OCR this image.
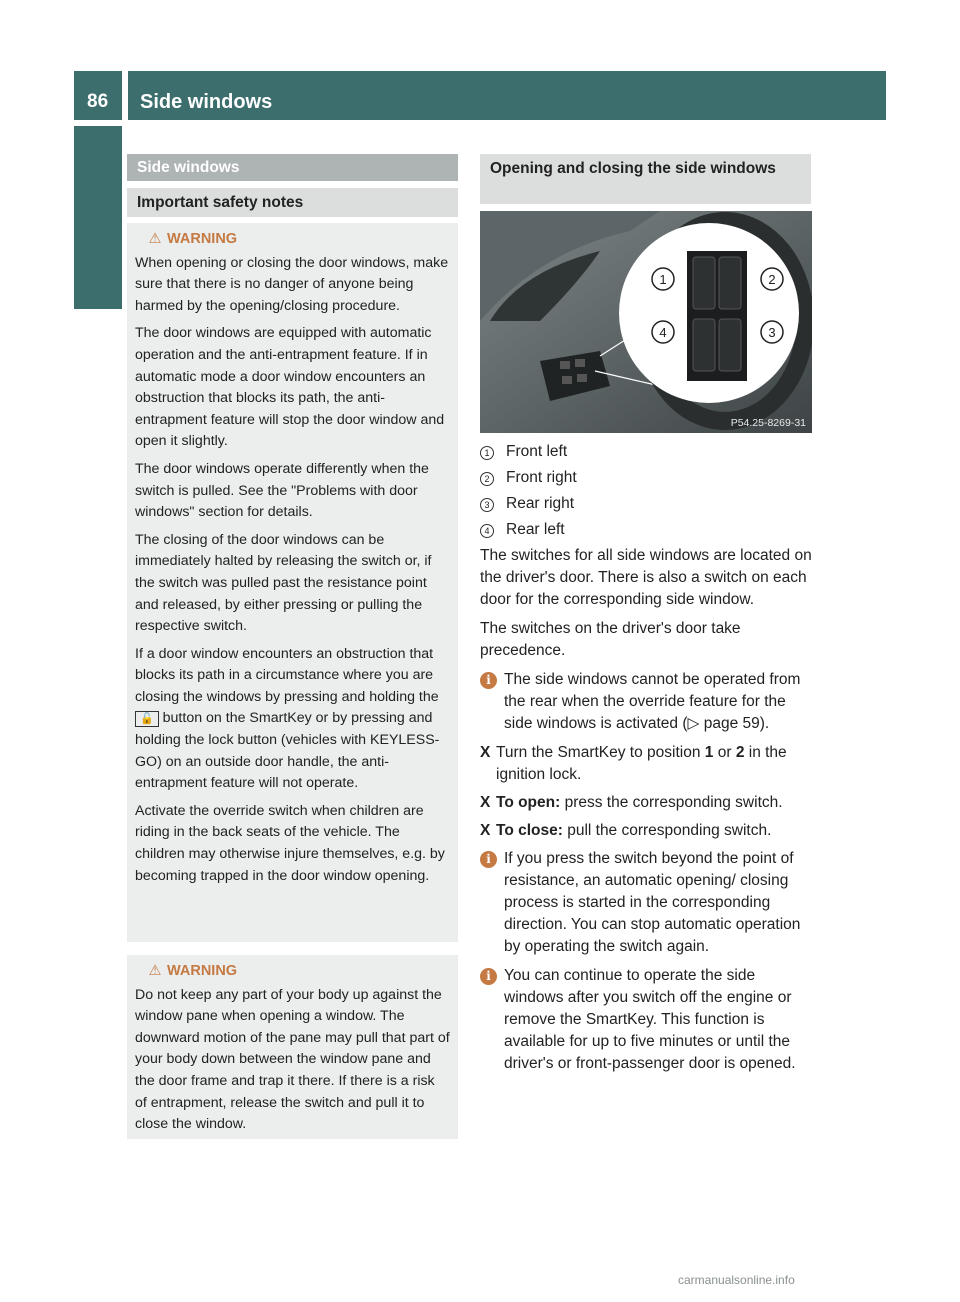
86 Side windows
Opening/closing	Side windows
Important safety notes
⚠ WARNING

When opening or closing the door windows, make sure that there is no danger of anyone being harmed by the opening/closing procedure.

The door windows are equipped with automatic operation and the anti-entrapment feature. If in automatic mode a door window encounters an obstruction that blocks its path, the anti-entrapment feature will stop the door window and open it slightly.

The door windows operate differently when the switch is pulled. See the "Problems with door windows" section for details.

The closing of the door windows can be immediately halted by releasing the switch or, if the switch was pulled past the resistance point and released, by either pressing or pulling the respective switch.

If a door window encounters an obstruction that blocks its path in a circumstance where you are closing the windows by pressing and holding the 🔓 button on the SmartKey or by pressing and holding the lock button (vehicles with KEYLESS-GO) on an outside door handle, the anti-entrapment feature will not operate.

Activate the override switch when children are riding in the back seats of the vehicle. The children may otherwise injure themselves, e.g. by becoming trapped in the door window opening.

⚠ WARNING

Do not keep any part of your body up against the window pane when opening a window. The downward motion of the pane may pull that part of your body down between the window pane and the door frame and trap it there. If there is a risk of entrapment, release the switch and pull it to close the window.

Opening and closing the side windows
1	2
3
4
P54.25-8269-31
1 Front left
2 Front right
3 Rear right
4 Rear left

The switches for all side windows are located on the driver's door. There is also a switch on each door for the corresponding side window.

The switches on the driver's door take precedence.

i The side windows cannot be operated from the rear when the override feature for the side windows is activated (▷ page 59).
X Turn the SmartKey to position 1 or 2 in the ignition lock.
X To open: press the corresponding switch.
X To close: pull the corresponding switch.
i If you press the switch beyond the point of resistance, an automatic opening/ closing process is started in the corresponding direction. You can stop automatic operation by operating the switch again.
i You can continue to operate the side windows after you switch off the engine or remove the SmartKey. This function is available for up to five minutes or until the driver's or front-passenger door is opened.
carmanualsonline.info
